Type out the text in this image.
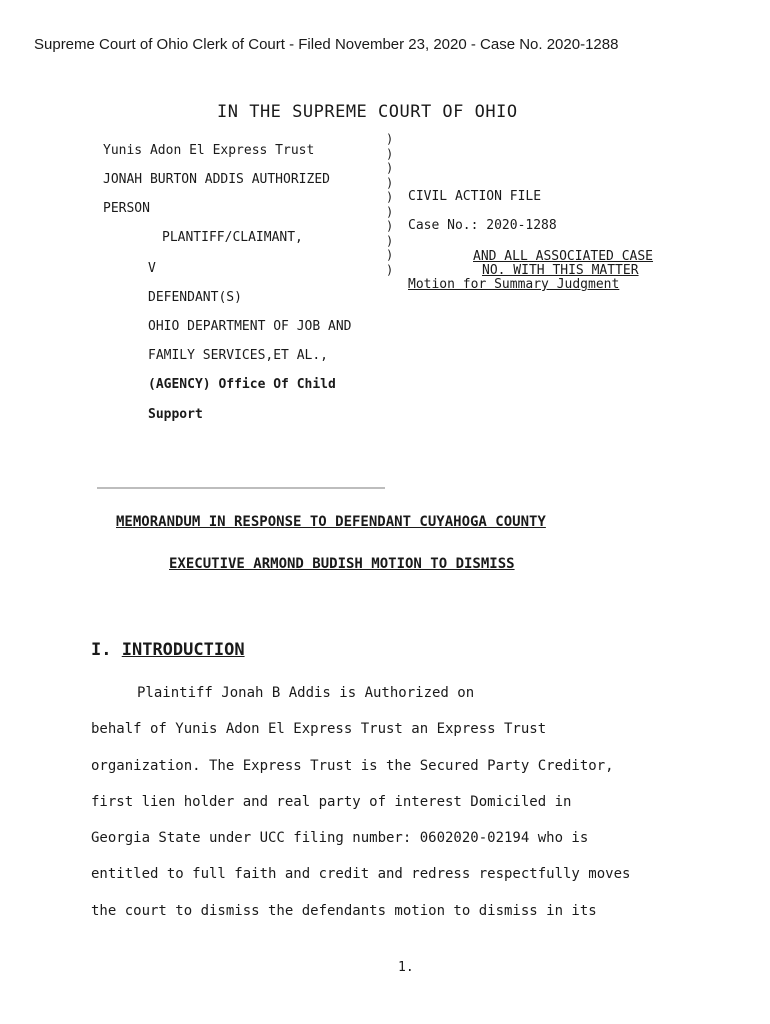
Supreme Court of Ohio Clerk of Court - Filed November 23, 2020 - Case No. 2020-1288
IN THE SUPREME COURT OF OHIO
Yunis Adon El Express Trust
JONAH BURTON ADDIS AUTHORIZED
PERSON
PLANTIFF/CLAIMANT,
V
DEFENDANT(S)
OHIO DEPARTMENT OF JOB AND
FAMILY SERVICES,ET AL.,
(AGENCY) Office Of Child
Support
)
)
)
)
)
)
)
)
)
)
CIVIL ACTION FILE
Case No.: 2020-1288
AND ALL ASSOCIATED CASE
NO. WITH THIS MATTER
Motion for Summary Judgment
MEMORANDUM IN RESPONSE TO DEFENDANT CUYAHOGA COUNTY
EXECUTIVE ARMOND BUDISH MOTION TO DISMISS
I. INTRODUCTION
Plaintiff Jonah B Addis is Authorized on
behalf of Yunis Adon El Express Trust an Express Trust
organization. The Express Trust is the Secured Party Creditor,
first lien holder and real party of interest Domiciled in
Georgia State under UCC filing number: 0602020-02194 who is
entitled to full faith and credit and redress respectfully moves
the court to dismiss the defendants motion to dismiss in its
1.
